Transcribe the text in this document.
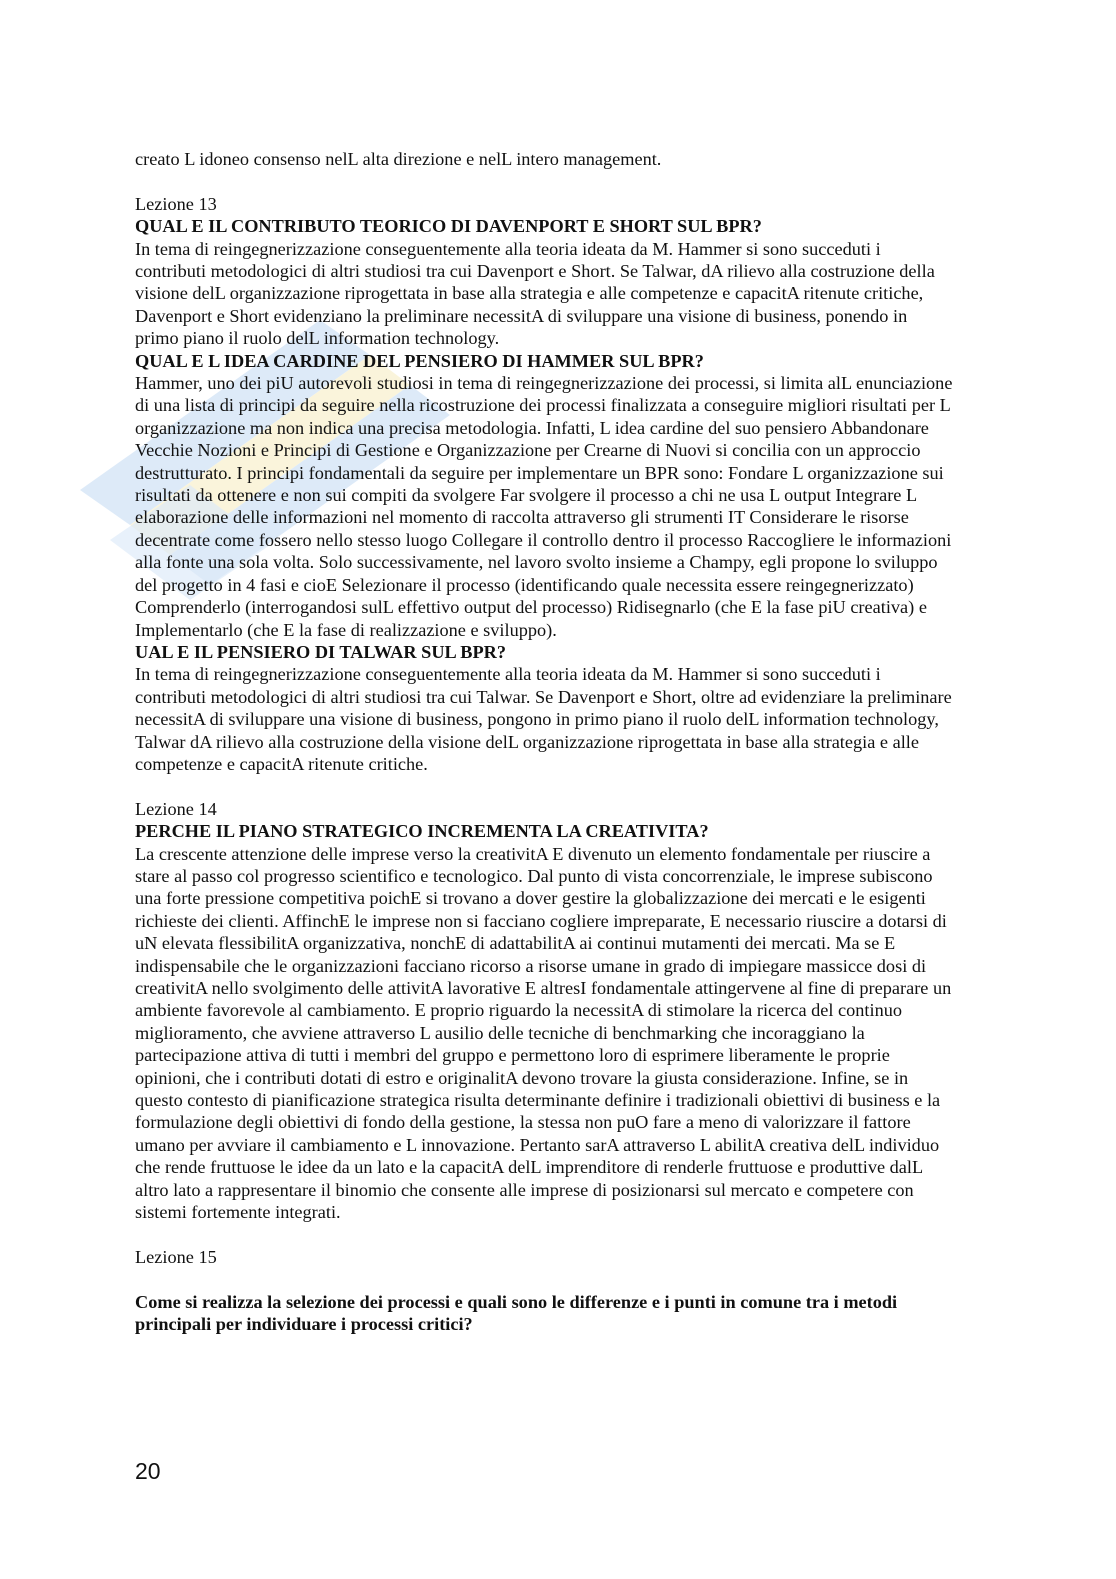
creato L idoneo consenso nelL alta direzione e nelL intero management.

Lezione 13

QUAL E IL CONTRIBUTO TEORICO DI DAVENPORT E SHORT SUL BPR?

In tema di reingegnerizzazione conseguentemente alla teoria ideata da M. Hammer si sono succeduti i contributi metodologici di altri studiosi tra cui Davenport e Short. Se Talwar, dA rilievo alla costruzione della visione delL organizzazione riprogettata in base alla strategia e alle competenze e capacitA ritenute critiche, Davenport e Short evidenziano la preliminare necessitA di sviluppare una visione di business, ponendo in primo piano il ruolo delL information technology.

QUAL E L IDEA CARDINE DEL PENSIERO DI HAMMER SUL BPR?

Hammer, uno dei piU autorevoli studiosi in tema di reingegnerizzazione dei processi, si limita alL enunciazione di una lista di principi da seguire nella ricostruzione dei processi finalizzata a conseguire migliori risultati per L organizzazione ma non indica una precisa metodologia. Infatti, L idea cardine del suo pensiero Abbandonare Vecchie Nozioni e Principi di Gestione e Organizzazione per Crearne di Nuovi si concilia con un approccio destrutturato. I principi fondamentali da seguire per implementare un BPR sono: Fondare L organizzazione sui risultati da ottenere e non sui compiti da svolgere Far svolgere il processo a chi ne usa L output Integrare L elaborazione delle informazioni nel momento di raccolta attraverso gli strumenti IT Considerare le risorse decentrate come fossero nello stesso luogo Collegare il controllo dentro il processo Raccogliere le informazioni alla fonte una sola volta. Solo successivamente, nel lavoro svolto insieme a Champy, egli propone lo sviluppo del progetto in 4 fasi e cioE Selezionare il processo (identificando quale necessita essere reingegnerizzato) Comprenderlo (interrogandosi sulL effettivo output del processo) Ridisegnarlo (che E la fase piU creativa) e Implementarlo (che E la fase di realizzazione e sviluppo).

UAL E IL PENSIERO DI TALWAR SUL BPR?

In tema di reingegnerizzazione conseguentemente alla teoria ideata da M. Hammer si sono succeduti i contributi metodologici di altri studiosi tra cui Talwar. Se Davenport e Short, oltre ad evidenziare la preliminare necessitA di sviluppare una visione di business, pongono in primo piano il ruolo delL information technology, Talwar dA rilievo alla costruzione della visione delL organizzazione riprogettata in base alla strategia e alle competenze e capacitA ritenute critiche.

Lezione 14

PERCHE IL PIANO STRATEGICO INCREMENTA LA CREATIVITA?

La crescente attenzione delle imprese verso la creativitA E divenuto un elemento fondamentale per riuscire a stare al passo col progresso scientifico e tecnologico. Dal punto di vista concorrenziale, le imprese subiscono una forte pressione competitiva poichE si trovano a dover gestire la globalizzazione dei mercati e le esigenti richieste dei clienti. AffinchE le imprese non si facciano cogliere impreparate, E necessario riuscire a dotarsi di uN elevata flessibilitA organizzativa, nonchE di adattabilitA ai continui mutamenti dei mercati. Ma se E indispensabile che le organizzazioni facciano ricorso a risorse umane in grado di impiegare massicce dosi di creativitA nello svolgimento delle attivitA lavorative E altresI fondamentale attingervene al fine di preparare un ambiente favorevole al cambiamento. E proprio riguardo la necessitA di stimolare la ricerca del continuo miglioramento, che avviene attraverso L ausilio delle tecniche di benchmarking che incoraggiano la partecipazione attiva di tutti i membri del gruppo e permettono loro di esprimere liberamente le proprie opinioni, che i contributi dotati di estro e originalitA devono trovare la giusta considerazione. Infine, se in questo contesto di pianificazione strategica risulta determinante definire i tradizionali obiettivi di business e la formulazione degli obiettivi di fondo della gestione, la stessa non puO fare a meno di valorizzare il fattore umano per avviare il cambiamento e L innovazione. Pertanto sarA attraverso L abilitA creativa delL individuo che rende fruttuose le idee da un lato e la capacitA delL imprenditore di renderle fruttuose e produttive dalL altro lato a rappresentare il binomio che consente alle imprese di posizionarsi sul mercato e competere con sistemi fortemente integrati.

Lezione 15

Come si realizza la selezione dei processi e quali sono le differenze e i punti in comune tra i metodi principali per individuare i processi critici?

20
